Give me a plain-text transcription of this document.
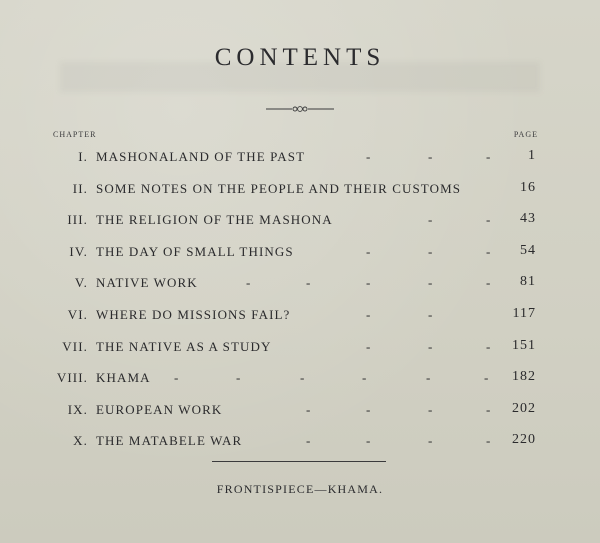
CONTENTS
CHAPTER	PAGE
I. MASHONALAND OF THE PAST	-	-	-	1
II. SOME NOTES ON THE PEOPLE AND THEIR CUSTOMS	16
III. THE RELIGION OF THE MASHONA	-	- 43
IV. THE DAY OF SMALL THINGS	-	-	- 54
V. NATIVE WORK	-	-	-	-	- 81
VI. WHERE DO MISSIONS FAIL?	-	-	117
VII. THE NATIVE AS A STUDY	-	-	- 151
VIII. KHAMA -	-	-	-	-	- 182
IX. EUROPEAN WORK	-	-	-	- 202
X. THE MATABELE WAR	-	-	-	- 220
FRONTISPIECE—KHAMA.
